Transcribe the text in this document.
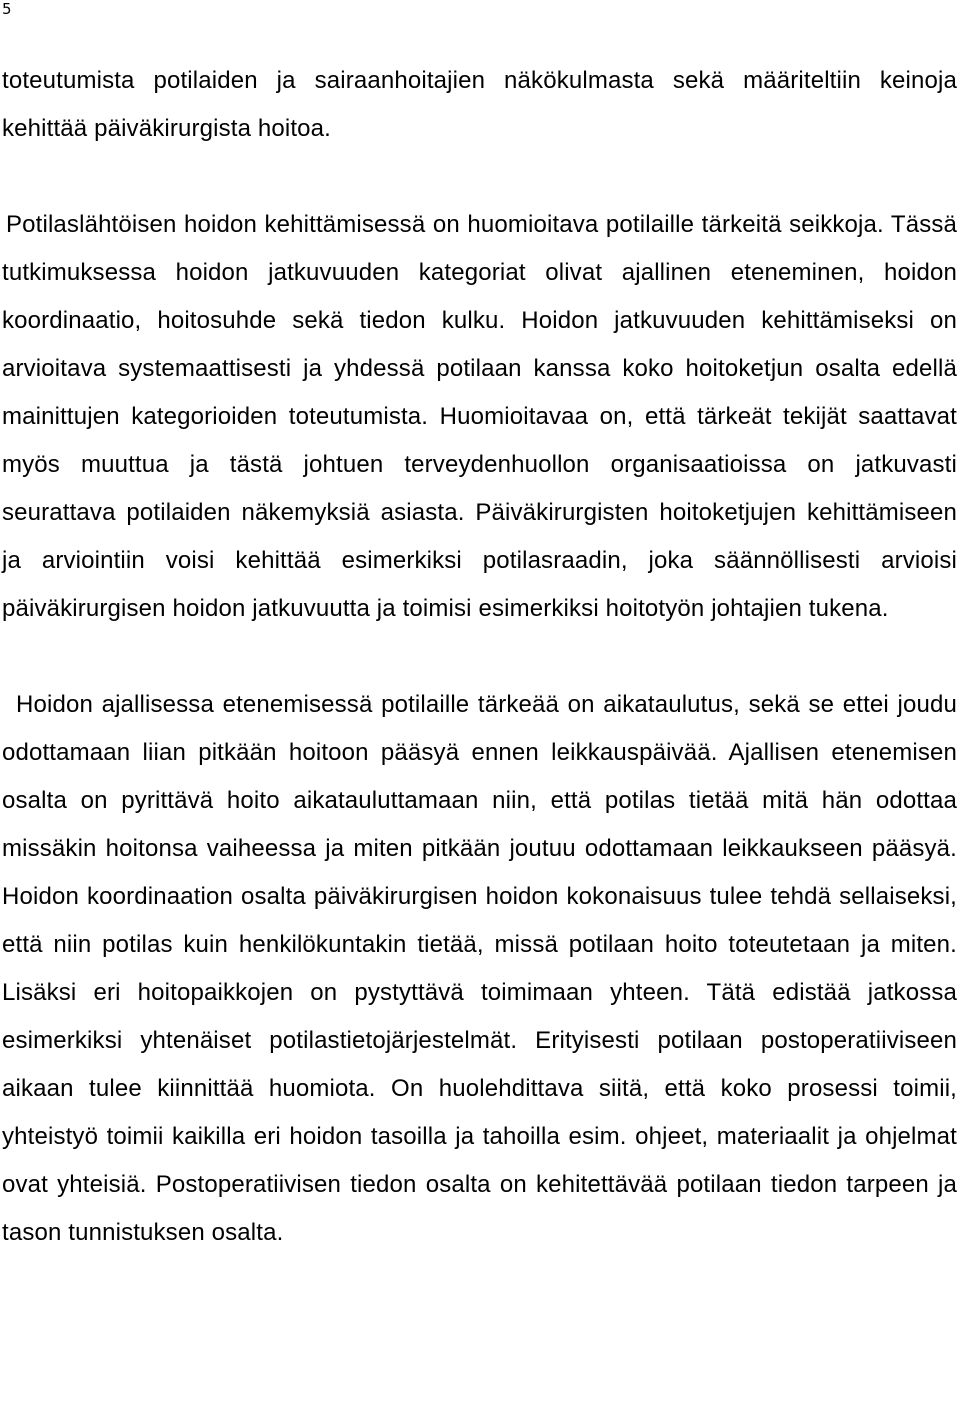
5

toteutumista potilaiden ja sairaanhoitajien näkökulmasta sekä määriteltiin keinoja kehittää päiväkirurgista hoitoa.

Potilaslähtöisen hoidon kehittämisessä on huomioitava potilaille tärkeitä seikkoja. Tässä tutkimuksessa hoidon jatkuvuuden kategoriat olivat ajallinen eteneminen, hoidon koordinaatio, hoitosuhde sekä tiedon kulku. Hoidon jatkuvuuden kehittämiseksi on arvioitava systemaattisesti ja yhdessä potilaan kanssa koko hoitoketjun osalta edellä mainittujen kategorioiden toteutumista. Huomioitavaa on, että tärkeät tekijät saattavat myös muuttua ja tästä johtuen terveydenhuollon organisaatioissa on jatkuvasti seurattava potilaiden näkemyksiä asiasta. Päiväkirurgisten hoitoketjujen kehittämiseen ja arviointiin voisi kehittää esimerkiksi potilasraadin, joka säännöllisesti arvioisi päiväkirurgisen hoidon jatkuvuutta ja toimisi esimerkiksi hoitotyön johtajien tukena.

Hoidon ajallisessa etenemisessä potilaille tärkeää on aikataulutus, sekä se ettei joudu odottamaan liian pitkään hoitoon pääsyä ennen leikkauspäivää. Ajallisen etenemisen osalta on pyrittävä hoito aikatauluttamaan niin, että potilas tietää mitä hän odottaa missäkin hoitonsa vaiheessa ja miten pitkään joutuu odottamaan leikkaukseen pääsyä. Hoidon koordinaation osalta päiväkirurgisen hoidon kokonaisuus tulee tehdä sellaiseksi, että niin potilas kuin henkilökuntakin tietää, missä potilaan hoito toteutetaan ja miten. Lisäksi eri hoitopaikkojen on pystyttävä toimimaan yhteen. Tätä edistää jatkossa esimerkiksi yhtenäiset potilastietojärjestelmät. Erityisesti potilaan postoperatiiviseen aikaan tulee kiinnittää huomiota. On huolehdittava siitä, että koko prosessi toimii, yhteistyö toimii kaikilla eri hoidon tasoilla ja tahoilla esim. ohjeet, materiaalit ja ohjelmat ovat yhteisiä. Postoperatiivisen tiedon osalta on kehitettävää potilaan tiedon tarpeen ja tason tunnistuksen osalta.
